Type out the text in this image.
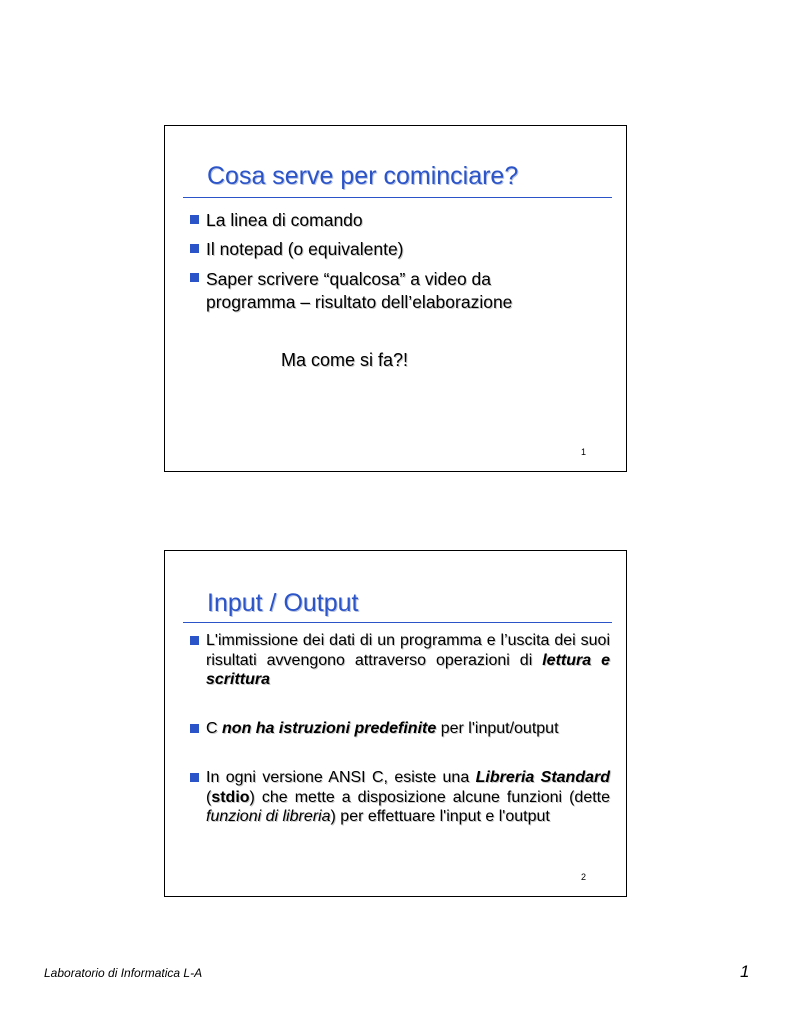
Cosa serve per cominciare?
La linea di comando
Il notepad (o equivalente)
Saper scrivere “qualcosa” a video da programma – risultato dell’elaborazione
Ma come si fa?!
1
Input / Output
L'immissione dei dati di un programma e l’uscita dei suoi risultati avvengono attraverso operazioni di lettura e scrittura
C non ha istruzioni predefinite per l'input/output
In ogni versione ANSI C, esiste una Libreria Standard (stdio) che mette a disposizione alcune funzioni (dette funzioni di libreria) per effettuare l'input e l'output
2
Laboratorio di Informatica L-A	1
